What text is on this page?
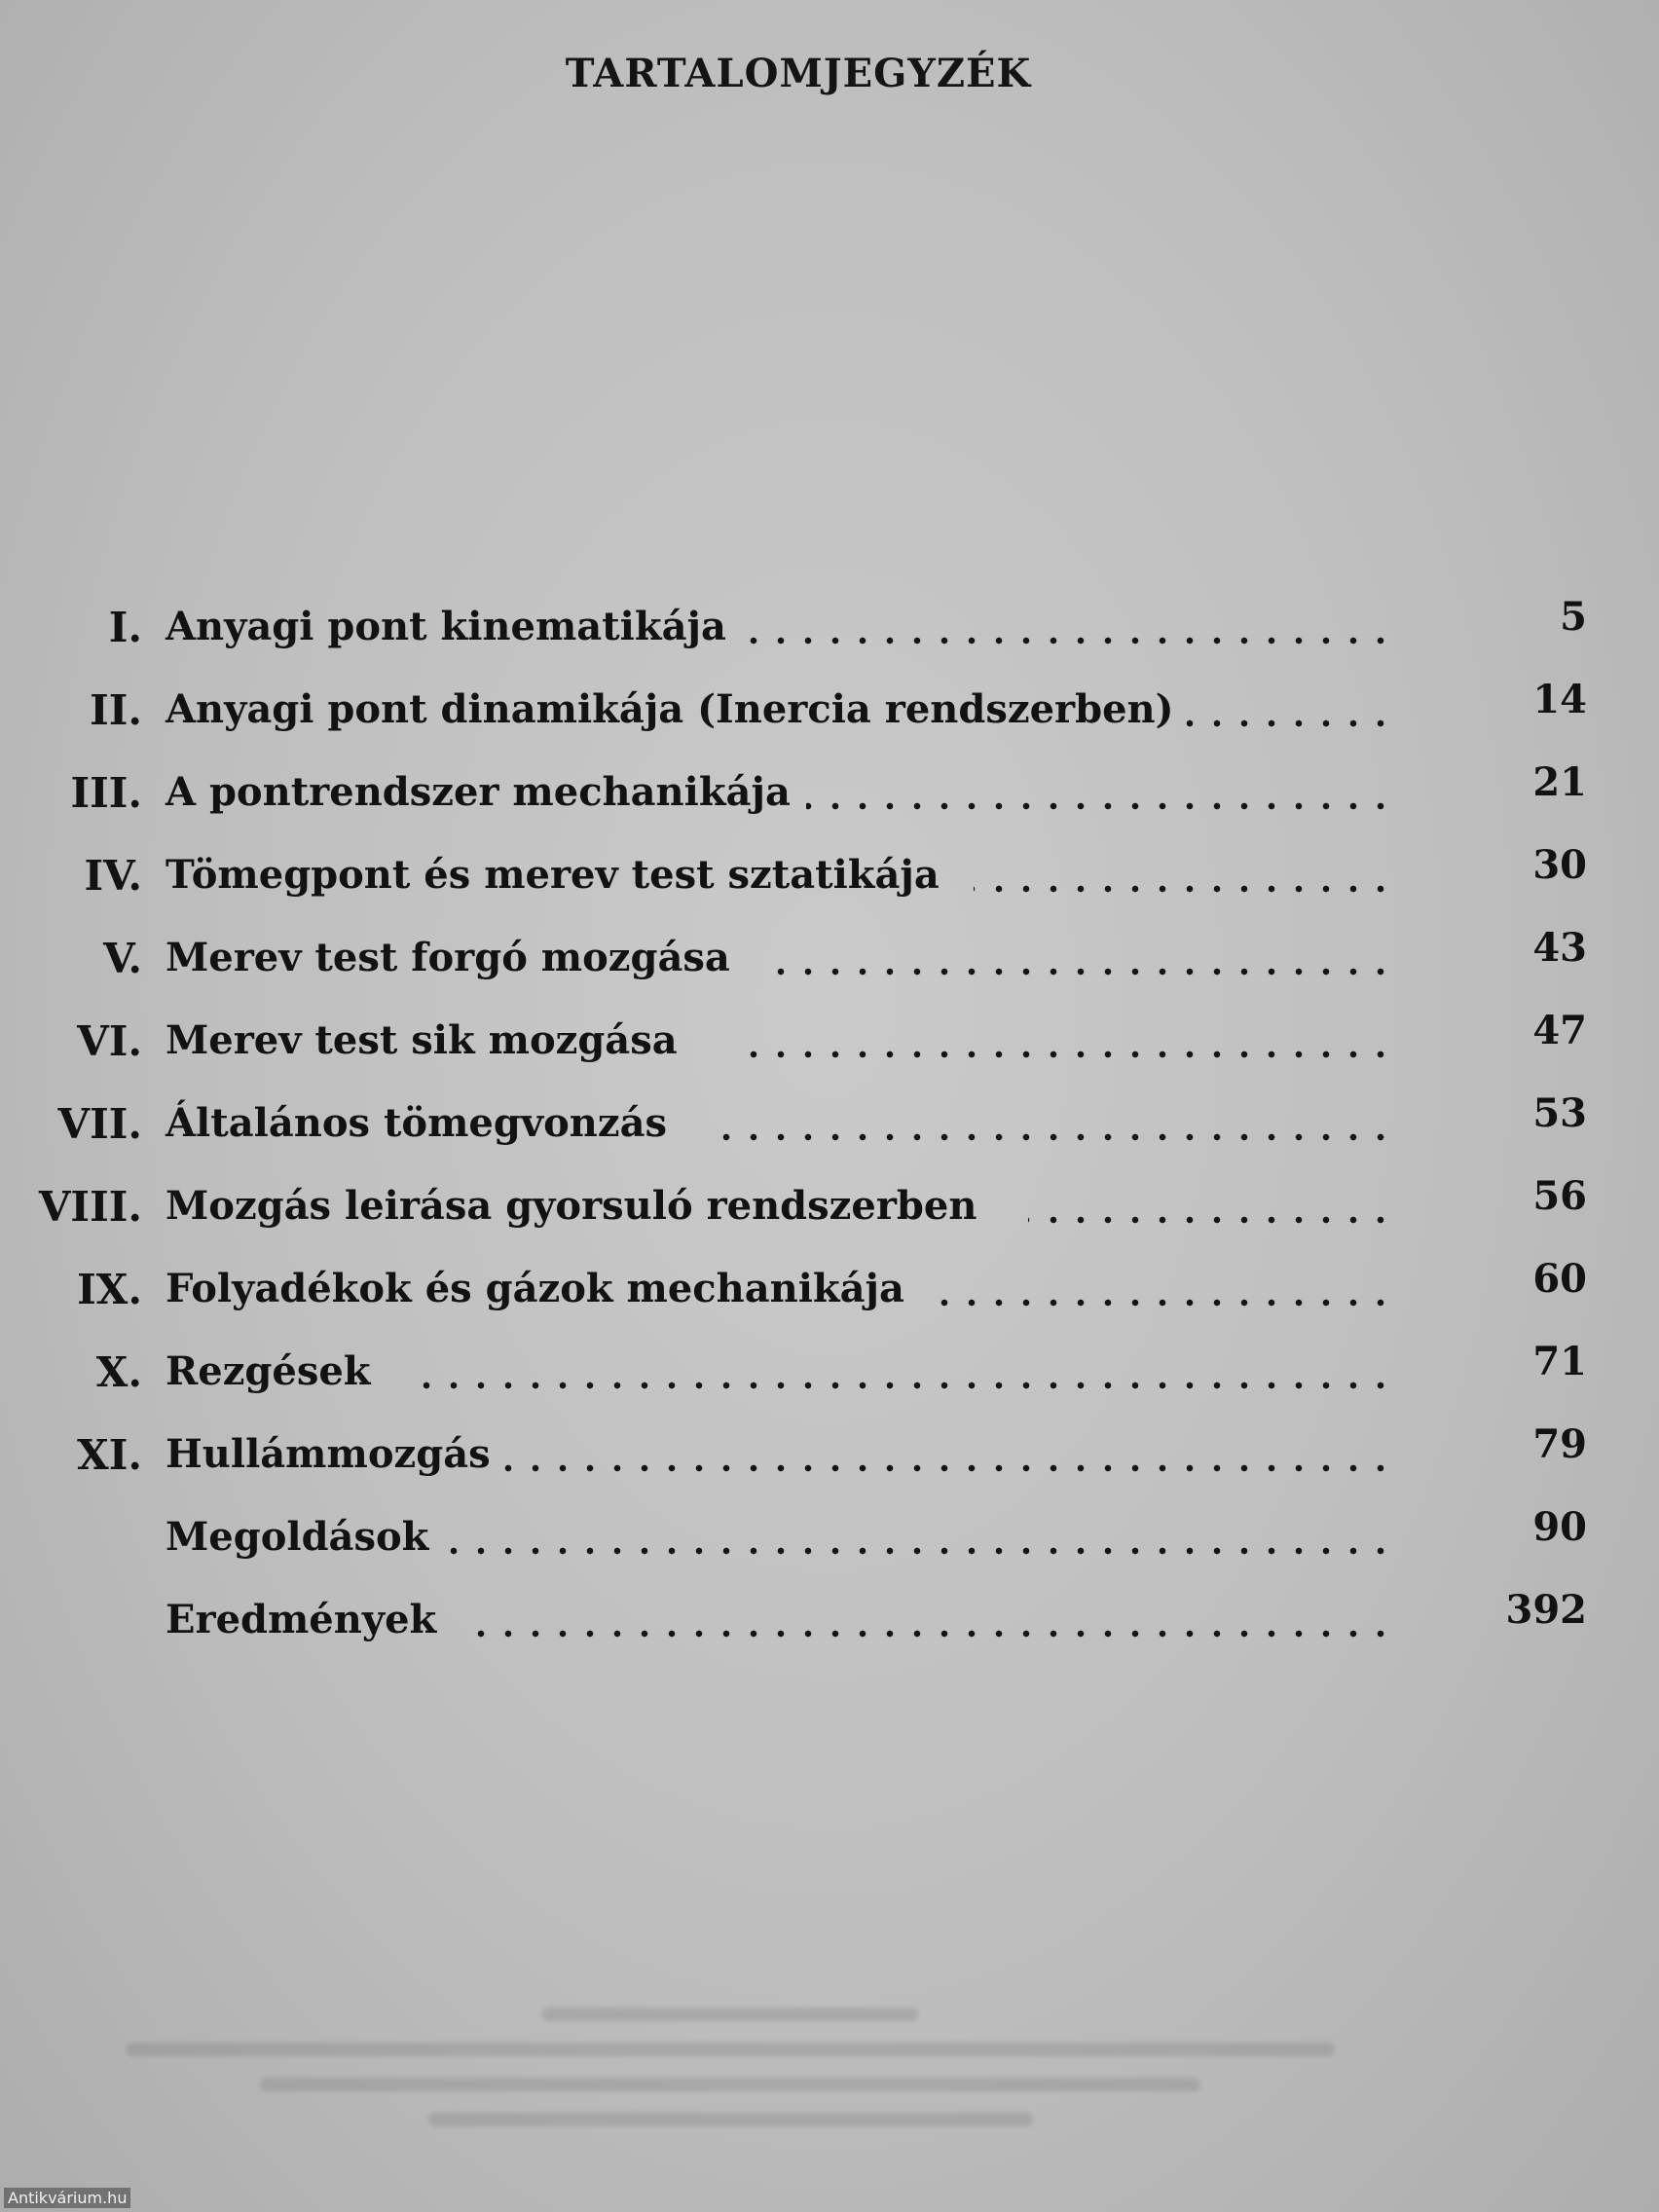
TARTALOMJEGYZÉK
I. Anyagi pont kinematikája	5
II. Anyagi pont dinamikája (Inercia rendszerben)	14
III. A pontrendszer mechanikája	21
IV. Tömegpont és merev test sztatikája	30
V. Merev test forgó mozgása	43
VI. Merev test sik mozgása	47
VII. Általános tömegvonzás	53
VIII. Mozgás leirása gyorsuló rendszerben	56
IX. Folyadékok és gázok mechanikája	60
X. Rezgések	71
XI. Hullámmozgás	79
Megoldások	90
Eredmények	392
Antikvárium.hu
